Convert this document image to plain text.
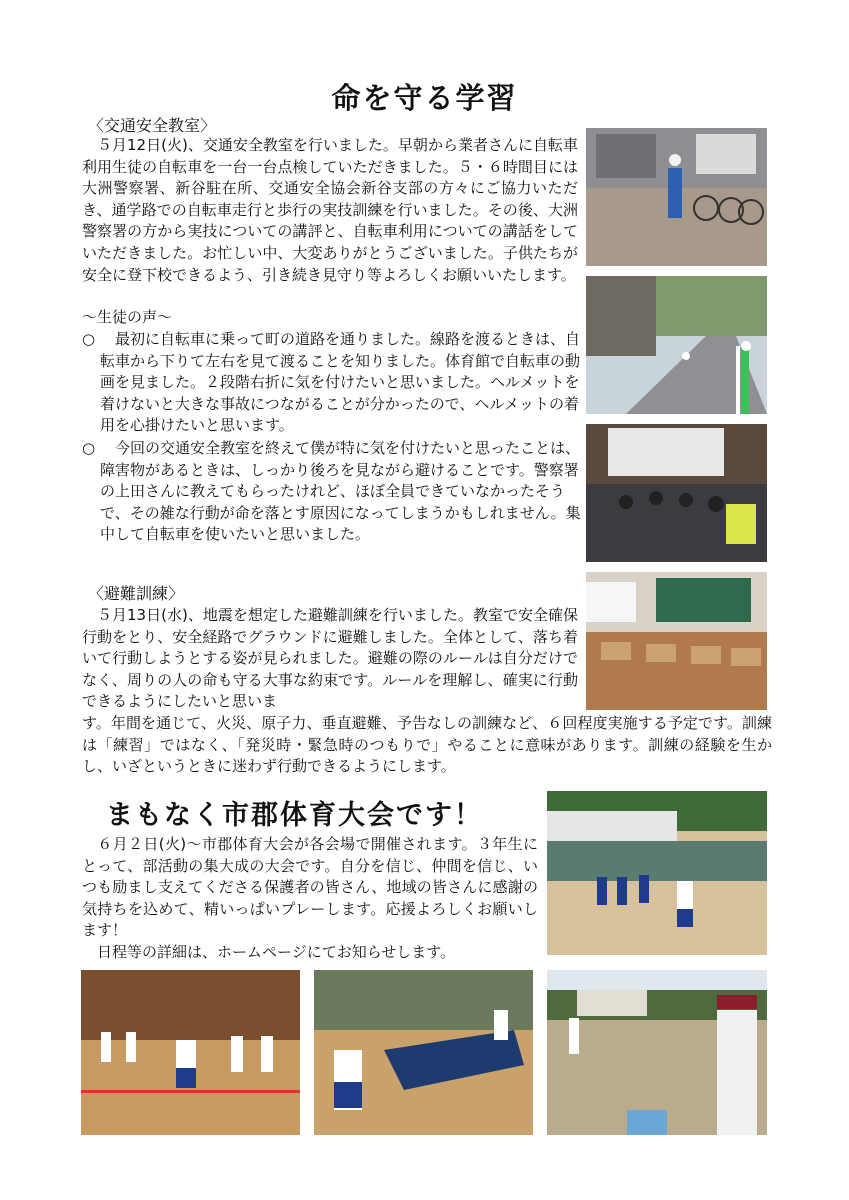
命を守る学習

〈交通安全教室〉

　５月12日(火)、交通安全教室を行いました。早朝から業者さんに自転車利用生徒の自転車を一台一台点検していただきました。５・６時間目には大洲警察署、新谷駐在所、交通安全協会新谷支部の方々にご協力いただき、通学路での自転車走行と歩行の実技訓練を行いました。その後、大洲警察署の方から実技についての講評と、自転車利用についての講話をしていただきました。お忙しい中、大変ありがとうございました。子供たちが安全に登下校できるよう、引き続き見守り等よろしくお願いいたします。

～生徒の声～

○ 　最初に自転車に乗って町の道路を通りました。線路を渡るときは、自転車から下りて左右を見て渡ることを知りました。体育館で自転車の動画を見ました。２段階右折に気を付けたいと思いました。ヘルメットを着けないと大きな事故につながることが分かったので、ヘルメットの着用を心掛けたいと思います。

○ 　今回の交通安全教室を終えて僕が特に気を付けたいと思ったことは、障害物があるときは、しっかり後ろを見ながら避けることです。警察署の上田さんに教えてもらったけれど、ほぼ全員できていなかったそうで、その雑な行動が命を落とす原因になってしまうかもしれません。集中して自転車を使いたいと思いました。

〈避難訓練〉

　５月13日(水)、地震を想定した避難訓練を行いました。教室で安全確保行動をとり、安全経路でグラウンドに避難しました。全体として、落ち着いて行動しようとする姿が見られました。避難の際のルールは自分だけでなく、周りの人の命も守る大事な約束です。ルールを理解し、確実に行動できるようにしたいと思いま

す。年間を通じて、火災、原子力、垂直避難、予告なしの訓練など、６回程度実施する予定です。訓練は「練習」ではなく、「発災時・緊急時のつもりで」やることに意味があります。訓練の経験を生かし、いざというときに迷わず行動できるようにします。

まもなく市郡体育大会です！

　６月２日(火)～市郡体育大会が各会場で開催されます。３年生にとって、部活動の集大成の大会です。自分を信じ、仲間を信じ、いつも励まし支えてくださる保護者の皆さん、地域の皆さんに感謝の気持ちを込めて、精いっぱいプレーします。応援よろしくお願いします！

　日程等の詳細は、ホームページにてお知らせします。
